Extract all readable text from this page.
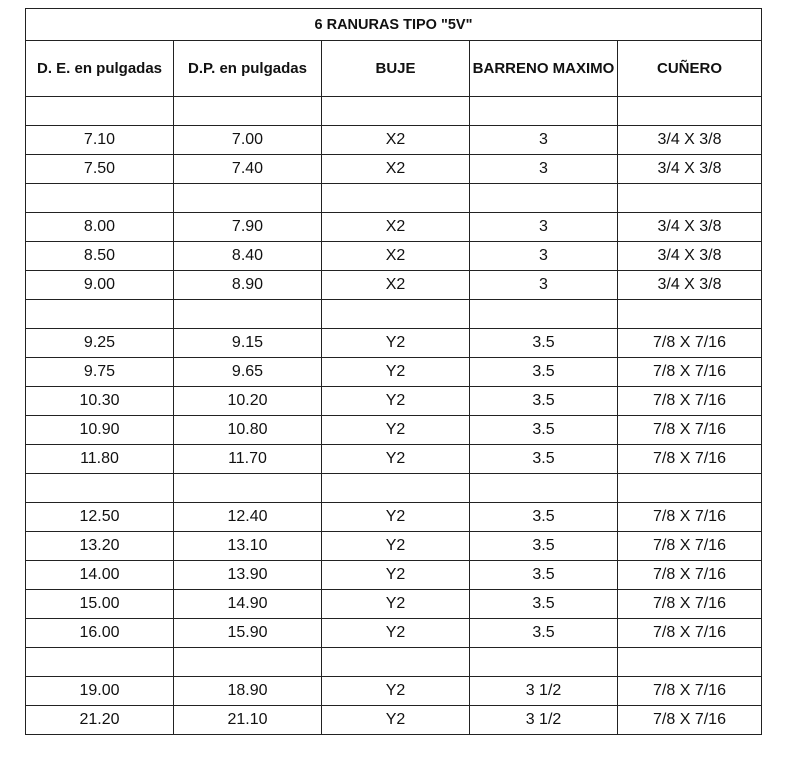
6 RANURAS TIPO "5V"				
D. E. en pulgadas	D.P. en pulgadas	BUJE	BARRENO MAXIMO	CUÑERO

7.10	7.00	X2	3	3/4 X 3/8
7.50	7.40	X2	3	3/4 X 3/8

8.00	7.90	X2	3	3/4 X 3/8
8.50	8.40	X2	3	3/4 X 3/8
9.00	8.90	X2	3	3/4 X 3/8

9.25	9.15	Y2	3.5	7/8 X 7/16
9.75	9.65	Y2	3.5	7/8 X 7/16
10.30	10.20	Y2	3.5	7/8 X 7/16
10.90	10.80	Y2	3.5	7/8 X 7/16
11.80	11.70	Y2	3.5	7/8 X 7/16

12.50	12.40	Y2	3.5	7/8 X 7/16
13.20	13.10	Y2	3.5	7/8 X 7/16
14.00	13.90	Y2	3.5	7/8 X 7/16
15.00	14.90	Y2	3.5	7/8 X 7/16
16.00	15.90	Y2	3.5	7/8 X 7/16

19.00	18.90	Y2	3 1/2	7/8 X 7/16
21.20	21.10	Y2	3 1/2	7/8 X 7/16
